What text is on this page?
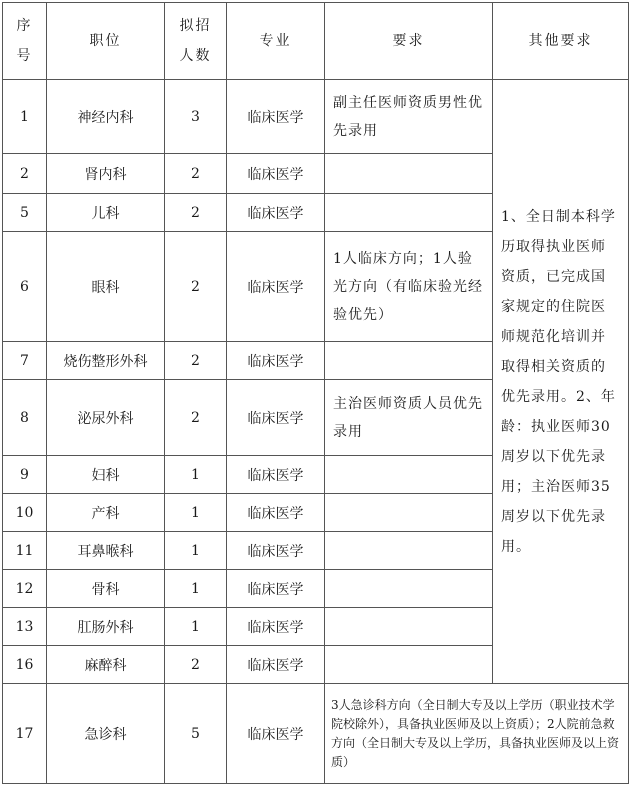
序号	职位	拟招人数	专业	要求	其他要求
1	神经内科	3	临床医学	副主任医师资质男性优先录用	1、全日制本科学历取得执业医师资质，已完成国家规定的住院医师规范化培训并取得相关资质的优先录用。2、年龄：执业医师30周岁以下优先录用；主治医师35周岁以下优先录用。

2	肾内科	2	临床医学		
5	儿科	2	临床医学		
6	眼科	2	临床医学	1人临床方向；1人验光方向（有临床验光经验优先）	
7	烧伤整形外科	2	临床医学		
8	泌尿外科	2	临床医学	主治医师资质人员优先录用	
9	妇科	1	临床医学		
10	产科	1	临床医学		
11	耳鼻喉科	1	临床医学		
12	骨科	1	临床医学		
13	肛肠外科	1	临床医学		
16	麻醉科	2	临床医学		
17	急诊科	5	临床医学	3人急诊科方向（全日制大专及以上学历（职业技术学院校除外），具备执业医师及以上资质）；2人院前急救方向（全日制大专及以上学历，具备执业医师及以上资质）	
